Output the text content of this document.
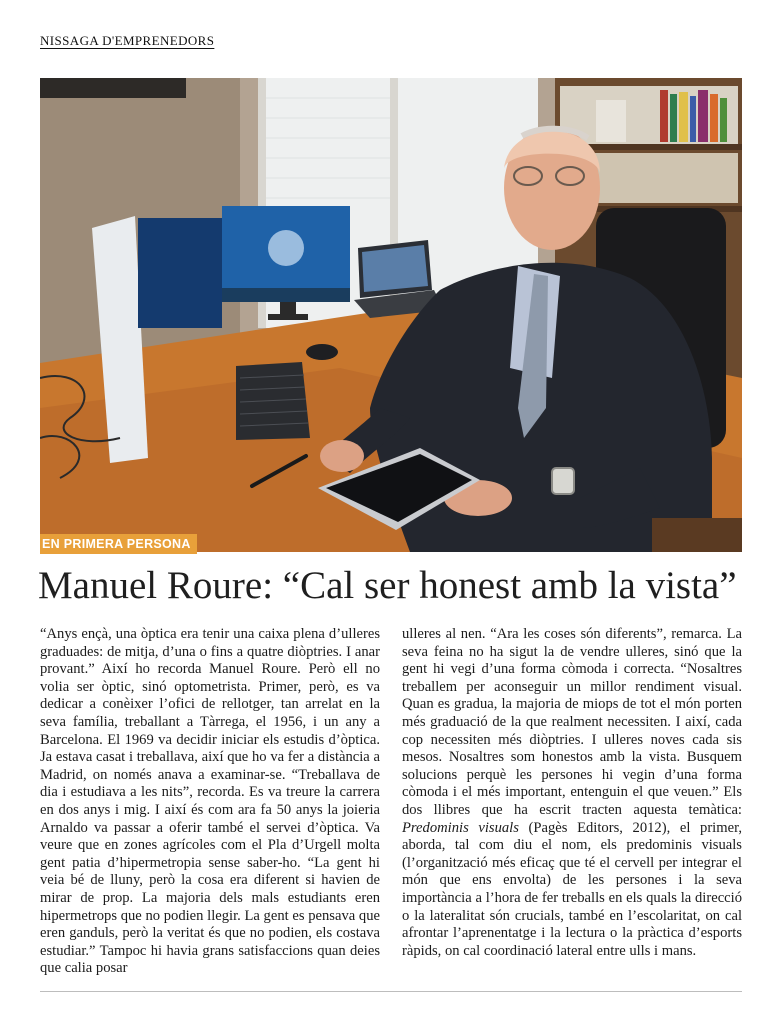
NISSAGA D'EMPRENEDORS
EN PRIMERA PERSONA
Manuel Roure: “Cal ser honest amb la vista”

“Anys ençà, una òptica era tenir una caixa plena d’ulleres graduades: de mitja, d’una o fins a quatre diòptries. I anar provant.” Així ho recorda Manuel Roure. Però ell no volia ser òptic, sinó optometrista. Primer, però, es va dedicar a conèixer l’ofici de rellotger, tan arrelat en la seva família, treballant a Tàrrega, el 1956, i un any a Barcelona. El 1969 va decidir iniciar els estudis d’òptica. Ja estava casat i treballava, així que ho va fer a distància a Madrid, on només anava a examinar-se. “Treballava de dia i estudiava a les nits”, recorda. Es va treure la carrera en dos anys i mig. I així és com ara fa 50 anys la joieria Arnaldo va passar a oferir també el servei d’òptica. Va veure que en zones agrícoles com el Pla d’Urgell molta gent patia d’hipermetropia sense saber-ho. “La gent hi veia bé de lluny, però la cosa era diferent si havien de mirar de prop. La majoria dels mals estudiants eren hipermetrops que no podien llegir. La gent es pensava que eren ganduls, però la veritat és que no podien, els costava estudiar.” Tampoc hi havia grans satisfaccions quan deies que calia posar

ulleres al nen. “Ara les coses són diferents”, remarca. La seva feina no ha sigut la de vendre ulleres, sinó que la gent hi vegi d’una forma còmoda i correcta. “Nosaltres treballem per aconseguir un millor rendiment visual. Quan es gradua, la majoria de miops de tot el món porten més graduació de la que realment necessiten. I així, cada cop necessiten més diòptries. I ulleres noves cada sis mesos. Nosaltres som honestos amb la vista. Busquem solucions perquè les persones hi vegin d’una forma còmoda i el més important, entenguin el que veuen.” Els dos llibres que ha escrit tracten aquesta temàtica: Predominis visuals (Pagès Editors, 2012), el primer, aborda, tal com diu el nom, els predominis visuals (l’organització més eficaç que té el cervell per integrar el món que ens envolta) de les persones i la seva importància a l’hora de fer treballs en els quals la direcció o la lateralitat són crucials, també en l’escolaritat, on cal afrontar l’aprenentatge i la lectura o la pràctica d’esports ràpids, on cal coordinació lateral entre ulls i mans.
